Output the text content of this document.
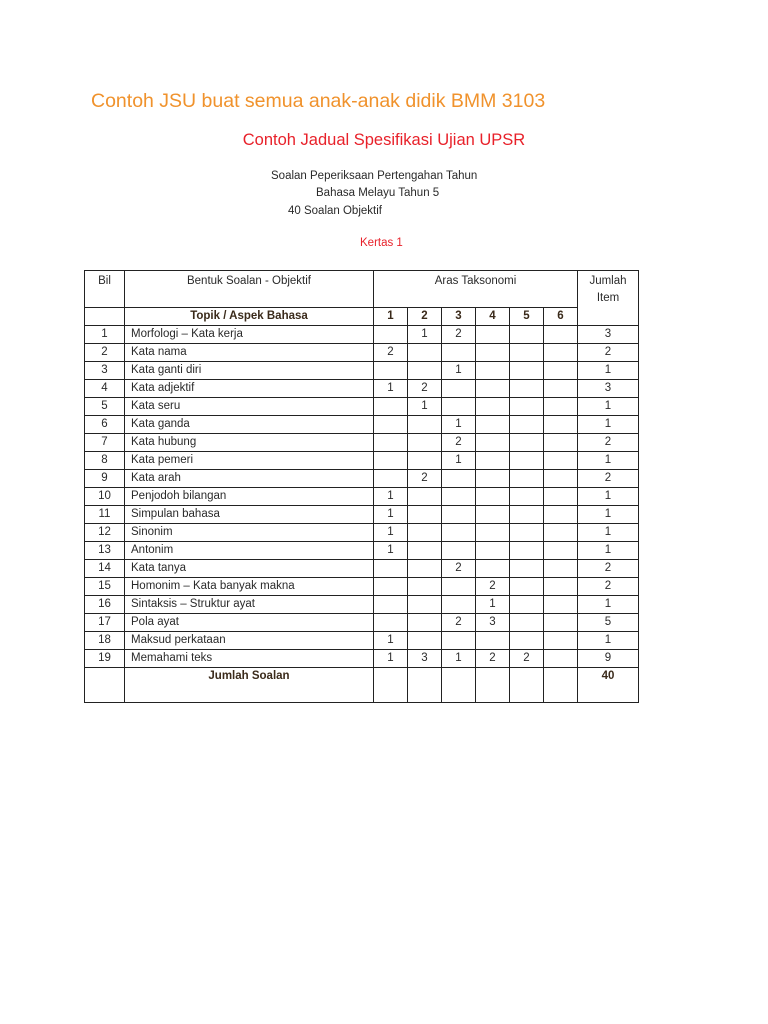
Contoh JSU buat semua anak-anak didik BMM 3103
Contoh Jadual Spesifikasi Ujian UPSR
Soalan Peperiksaan Pertengahan Tahun
Bahasa Melayu Tahun 5
40 Soalan Objektif
Kertas 1
Bil	Bentuk Soalan - Objektif	Aras Taksonomi						Jumlah Item
	Topik / Aspek Bahasa	1	2	3	4	5	6	
1	Morfologi – Kata kerja		1	2				3
2	Kata nama	2						2
3	Kata ganti diri			1				1
4	Kata adjektif	1	2					3
5	Kata seru		1					1
6	Kata ganda			1				1
7	Kata hubung			2				2
8	Kata pemeri			1				1
9	Kata arah		2					2
10	Penjodoh bilangan	1						1
11	Simpulan bahasa	1						1
12	Sinonim	1						1
13	Antonim	1						1
14	Kata tanya			2				2
15	Homonim – Kata banyak makna				2			2
16	Sintaksis – Struktur ayat				1			1
17	Pola ayat			2	3			5
18	Maksud perkataan	1						1
19	Memahami teks	1	3	1	2	2		9
	Jumlah Soalan							40
